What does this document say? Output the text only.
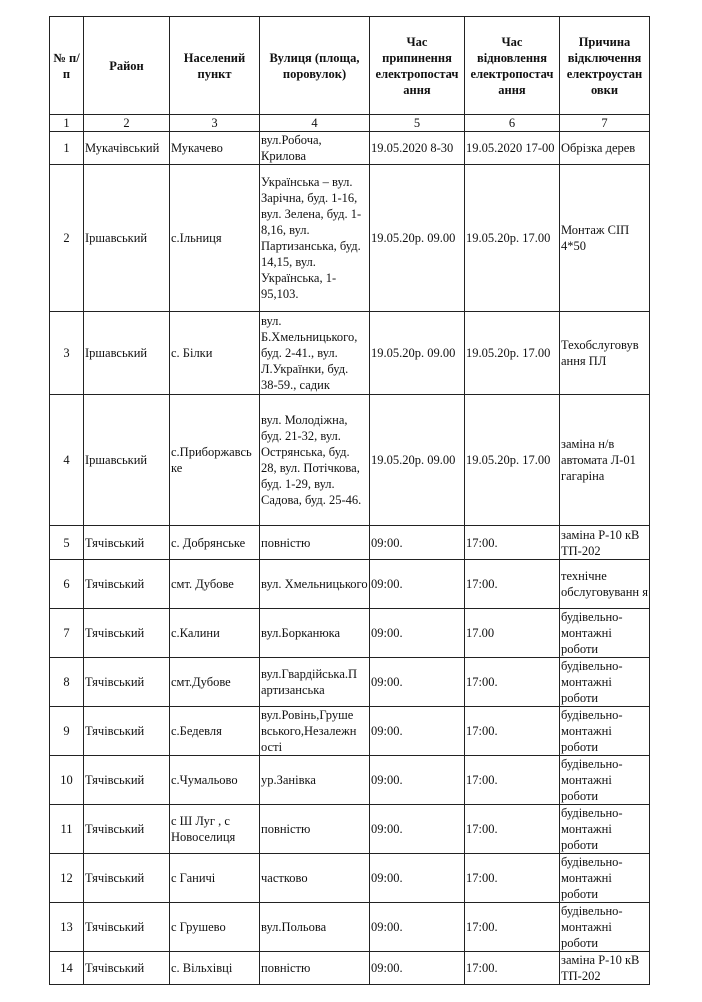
№ п/п	Район	Населений пункт	Вулиця (площа, поровулок)	Час припинення електропостач ання	Час відновлення електропостач ання	Причина відключення електроустан овки
1	2	3	4	5	6	7
1	Мукачівський	Мукачево	вул.Робоча, Крилова	19.05.2020 8-30	19.05.2020 17-00	Обрізка дерев
2	Іршавський	с.Ільниця	Українська – вул. Зарічна, буд. 1-16, вул. Зелена, буд. 1-8,16, вул. Партизанська, буд. 14,15, вул. Українська, 1-95,103.	19.05.20р. 09.00	19.05.20р. 17.00	Монтаж СІП 4*50
3	Іршавський	с. Білки	вул. Б.Хмельницького, буд. 2-41., вул. Л.Українки, буд. 38-59., садик	19.05.20р. 09.00	19.05.20р. 17.00	Техобслуговув ання ПЛ
4	Іршавський	с.Приборжавсь ке	вул. Молодіжна, буд. 21-32, вул. Острянська, буд. 28, вул. Потічкова, буд. 1-29, вул. Садова, буд. 25-46.	19.05.20р. 09.00	19.05.20р. 17.00	заміна н/в автомата Л-01 гагаріна
5	Тячівський	с. Добрянське	повністю	09:00.	17:00.	заміна Р-10 кВ ТП-202
6	Тячівський	смт. Дубове	вул. Хмельницького	09:00.	17:00.	технічне обслуговуванн я
7	Тячівський	с.Калини	вул.Борканюка	09:00.	17.00	будівельно-монтажні роботи
8	Тячівський	смт.Дубове	вул.Гвардійська.П артизанська	09:00.	17:00.	будівельно-монтажні роботи
9	Тячівський	с.Бедевля	вул.Ровінь,Груше вського,Незалежн ості	09:00.	17:00.	будівельно-монтажні роботи
10	Тячівський	с.Чумальово	ур.Занівка	09:00.	17:00.	будівельно-монтажні роботи
11	Тячівський	с Ш Луг , с Новоселиця	повністю	09:00.	17:00.	будівельно-монтажні роботи
12	Тячівський	с Ганичі	частково	09:00.	17:00.	будівельно-монтажні роботи
13	Тячівський	с Грушево	вул.Польова	09:00.	17:00.	будівельно-монтажні роботи
14	Тячівський	с. Вільхівці	повністю	09:00.	17:00.	заміна Р-10 кВ ТП-202
